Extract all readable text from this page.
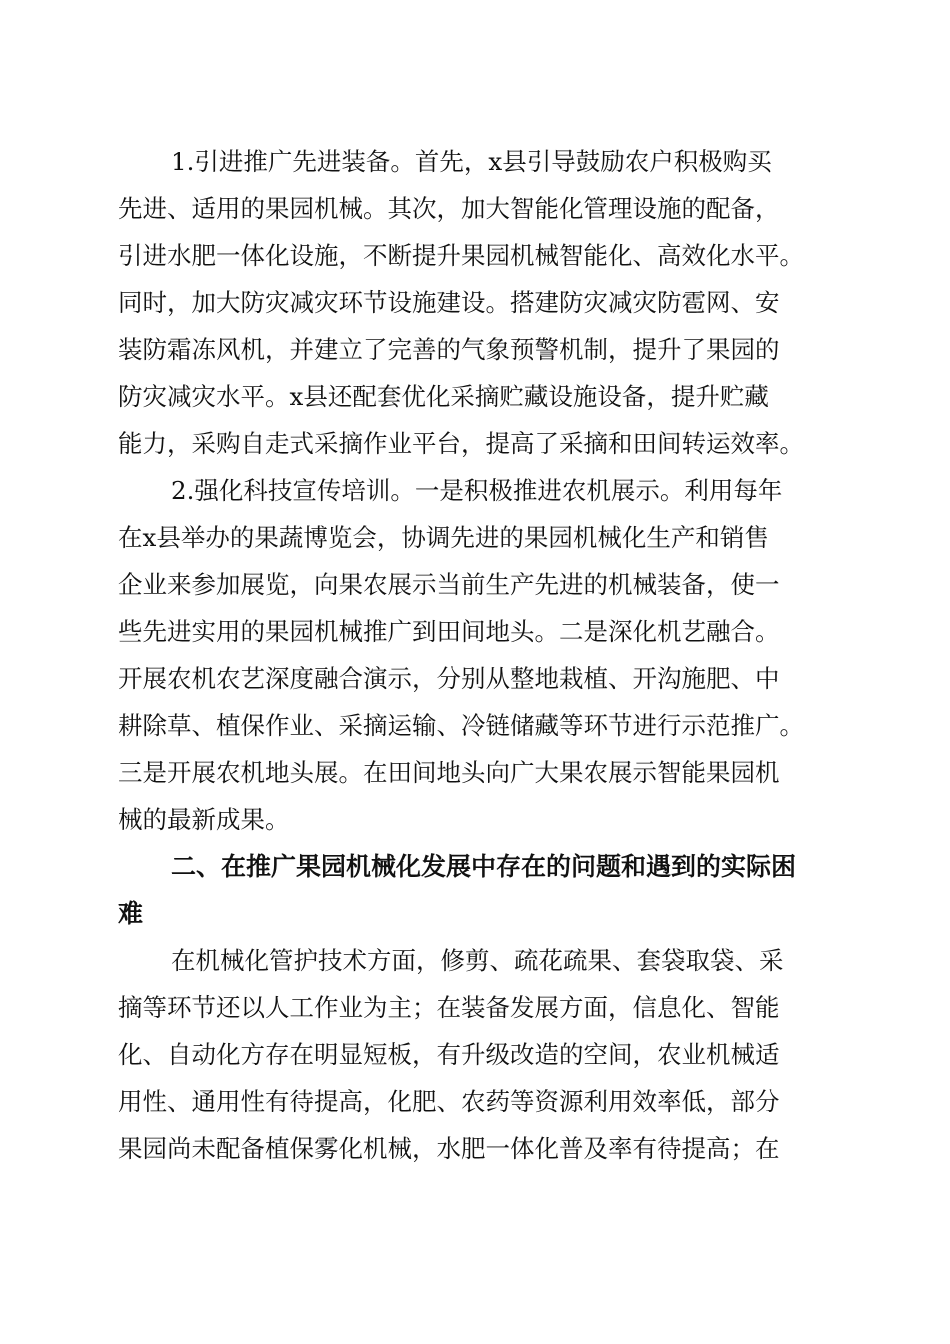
1.引进推广先进装备。首先，x县引导鼓励农户积极购买
先进、适用的果园机械。其次，加大智能化管理设施的配备，
引进水肥一体化设施，不断提升果园机械智能化、高效化水平。
同时，加大防灾减灾环节设施建设。搭建防灾减灾防雹网、安
装防霜冻风机，并建立了完善的气象预警机制，提升了果园的
防灾减灾水平。x县还配套优化采摘贮藏设施设备，提升贮藏
能力，采购自走式采摘作业平台，提高了采摘和田间转运效率。
2.强化科技宣传培训。一是积极推进农机展示。利用每年
在x县举办的果蔬博览会，协调先进的果园机械化生产和销售
企业来参加展览，向果农展示当前生产先进的机械装备，使一
些先进实用的果园机械推广到田间地头。二是深化机艺融合。
开展农机农艺深度融合演示，分别从整地栽植、开沟施肥、中
耕除草、植保作业、采摘运输、冷链储藏等环节进行示范推广。
三是开展农机地头展。在田间地头向广大果农展示智能果园机
械的最新成果。
二、在推广果园机械化发展中存在的问题和遇到的实际困
难
在机械化管护技术方面，修剪、疏花疏果、套袋取袋、采
摘等环节还以人工作业为主；在装备发展方面，信息化、智能
化、自动化方存在明显短板，有升级改造的空间，农业机械适
用性、通用性有待提高，化肥、农药等资源利用效率低，部分
果园尚未配备植保雾化机械，水肥一体化普及率有待提高；在
